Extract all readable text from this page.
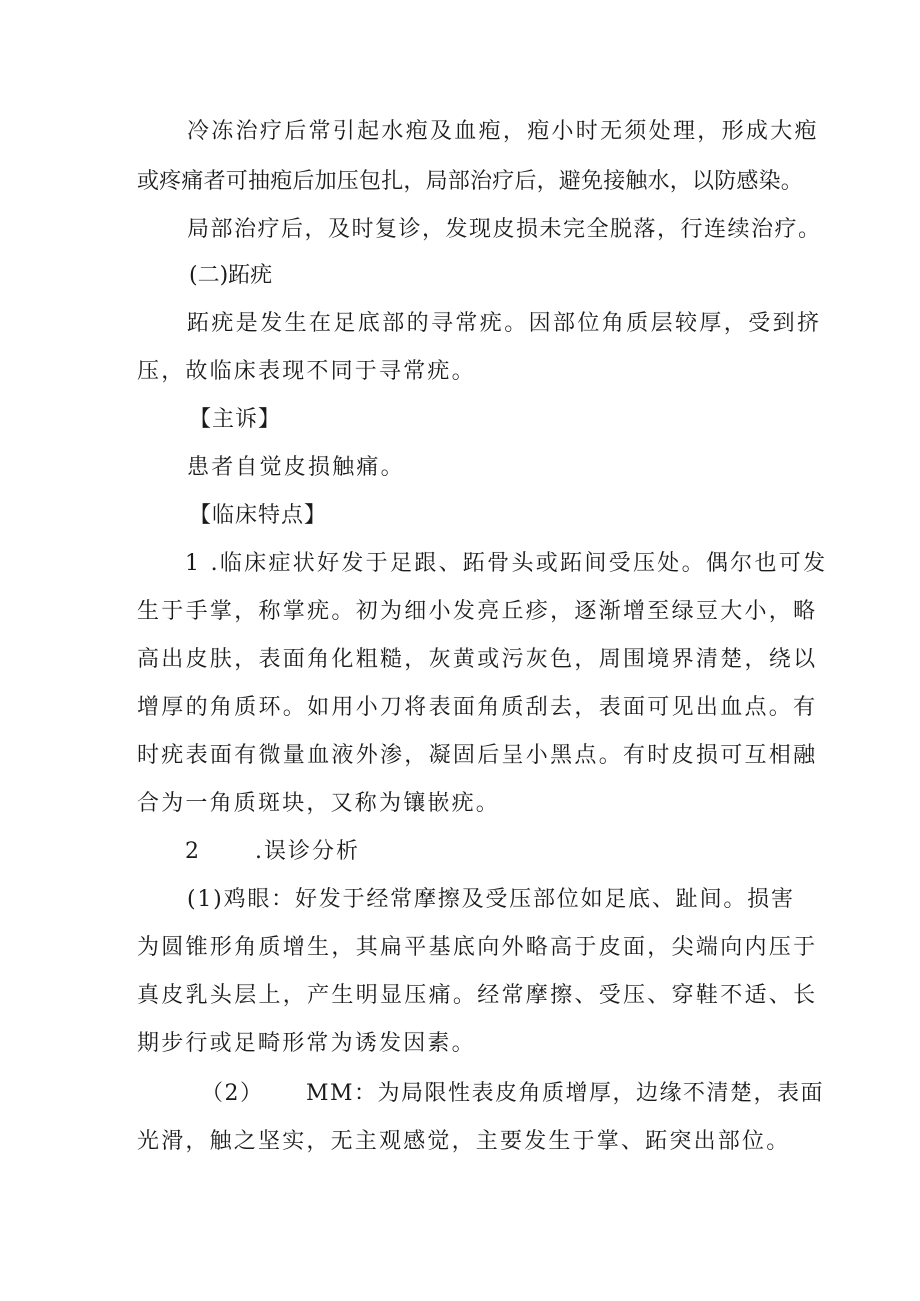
冷冻治疗后常引起水疱及血疱，疱小时无须处理，形成大疱

或疼痛者可抽疱后加压包扎，局部治疗后，避免接触水，以防感染。

局部治疗后，及时复诊，发现皮损未完全脱落，行连续治疗。

(二)跖疣

跖疣是发生在足底部的寻常疣。因部位角质层较厚，受到挤

压，故临床表现不同于寻常疣。

【主诉】

患者自觉皮损触痛。

【临床特点】

1 .临床症状好发于足跟、跖骨头或跖间受压处。偶尔也可发

生于手掌，称掌疣。初为细小发亮丘疹，逐渐增至绿豆大小，略

高出皮肤，表面角化粗糙，灰黄或污灰色，周围境界清楚，绕以

增厚的角质环。如用小刀将表面角质刮去，表面可见出血点。有

时疣表面有微量血液外渗，凝固后呈小黑点。有时皮损可互相融

合为一角质斑块，又称为镶嵌疣。

2      .误诊分析

(1)鸡眼：好发于经常摩擦及受压部位如足底、趾间。损害

为圆锥形角质增生，其扁平基底向外略高于皮面，尖端向内压于

真皮乳头层上，产生明显压痛。经常摩擦、受压、穿鞋不适、长

期步行或足畸形常为诱发因素。

（2）     MM：为局限性表皮角质增厚，边缘不清楚，表面

光滑，触之坚实，无主观感觉，主要发生于掌、跖突出部位。
